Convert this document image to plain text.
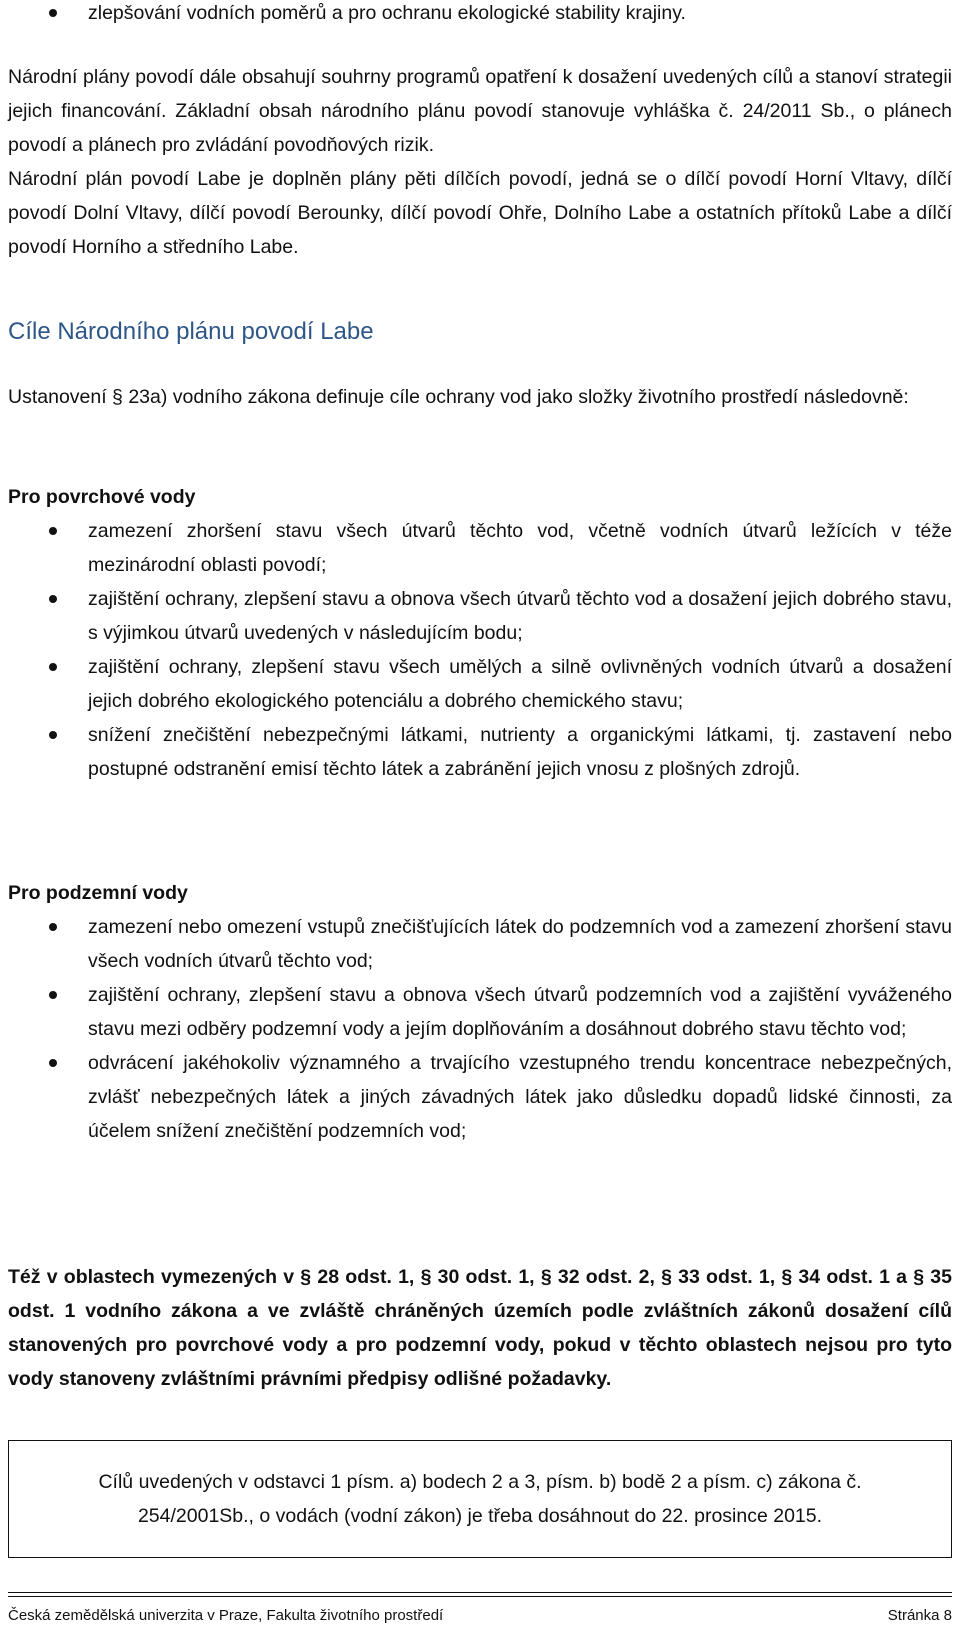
zlepšování vodních poměrů a pro ochranu ekologické stability krajiny.

Národní plány povodí dále obsahují souhrny programů opatření k dosažení uvedených cílů a stanoví strategii jejich financování. Základní obsah národního plánu povodí stanovuje vyhláška č. 24/2011 Sb., o plánech povodí a plánech pro zvládání povodňových rizik.

Národní plán povodí Labe je doplněn plány pěti dílčích povodí, jedná se o dílčí povodí Horní Vltavy, dílčí povodí Dolní Vltavy, dílčí povodí Berounky, dílčí povodí Ohře, Dolního Labe a ostatních přítoků Labe a dílčí povodí Horního a středního Labe.

Cíle Národního plánu povodí Labe

Ustanovení § 23a) vodního zákona definuje cíle ochrany vod jako složky životního prostředí následovně:

Pro povrchové vody
zamezení zhoršení stavu všech útvarů těchto vod, včetně vodních útvarů ležících v téže mezinárodní oblasti povodí;
zajištění ochrany, zlepšení stavu a obnova všech útvarů těchto vod a dosažení jejich dobrého stavu, s výjimkou útvarů uvedených v následujícím bodu;
zajištění ochrany, zlepšení stavu všech umělých a silně ovlivněných vodních útvarů a dosažení jejich dobrého ekologického potenciálu a dobrého chemického stavu;
snížení znečištění nebezpečnými látkami, nutrienty a organickými látkami, tj. zastavení nebo postupné odstranění emisí těchto látek a zabránění jejich vnosu z plošných zdrojů.
Pro podzemní vody
zamezení nebo omezení vstupů znečišťujících látek do podzemních vod a zamezení zhoršení stavu všech vodních útvarů těchto vod;
zajištění ochrany, zlepšení stavu a obnova všech útvarů podzemních vod a zajištění vyváženého stavu mezi odběry podzemní vody a jejím doplňováním a dosáhnout dobrého stavu těchto vod;
odvrácení jakéhokoliv významného a trvajícího vzestupného trendu koncentrace nebezpečných, zvlášť nebezpečných látek a jiných závadných látek jako důsledku dopadů lidské činnosti, za účelem snížení znečištění podzemních vod;

Též v oblastech vymezených v § 28 odst. 1, § 30 odst. 1, § 32 odst. 2, § 33 odst. 1, § 34 odst. 1 a § 35 odst. 1 vodního zákona a ve zvláště chráněných územích podle zvláštních zákonů dosažení cílů stanovených pro povrchové vody a pro podzemní vody, pokud v těchto oblastech nejsou pro tyto vody stanoveny zvláštními právními předpisy odlišné požadavky.

Cílů uvedených v odstavci 1 písm. a) bodech 2 a 3, písm. b) bodě 2 a písm. c) zákona č.
254/2001Sb., o vodách (vodní zákon) je třeba dosáhnout do 22. prosince 2015.
Česká zemědělská univerzita v Praze, Fakulta životního prostředí	Stránka 8
